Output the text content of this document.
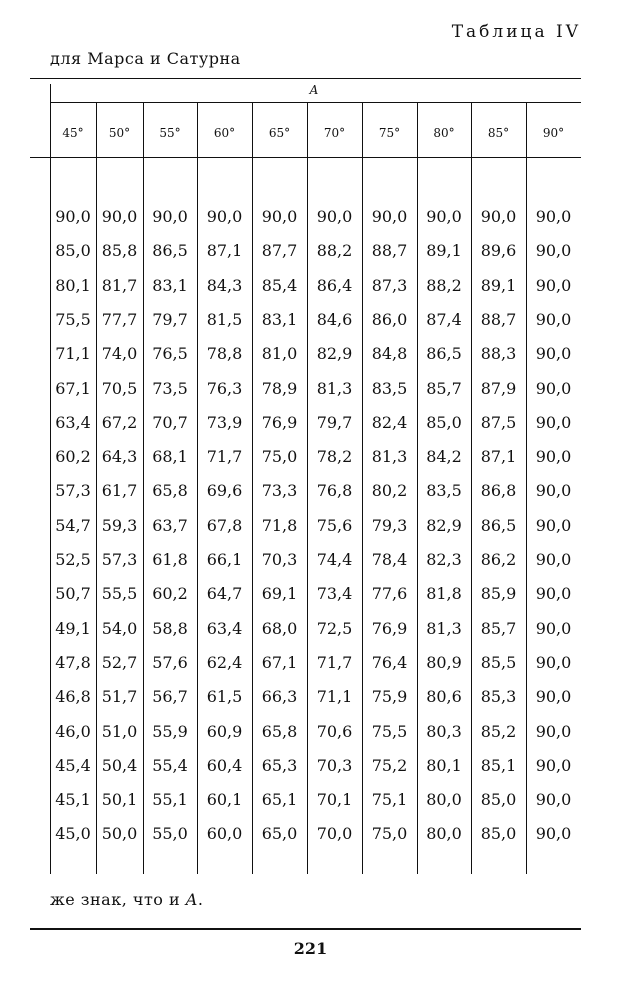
Таблица IV
для Марса и Сатурна
A
45°	50°	55°	60°	65°	70°	75°	80°	85°	90°
90,0 90,0 90,0	90,0	90,0	90,0	90,0	90,0	90,0	90,0
85,0 85,8 86,5	87,1	87,7	88,2	88,7	89,1	89,6	90,0
80,1 81,7 83,1	84,3	85,4	86,4	87,3	88,2	89,1	90,0
75,5 77,7 79,7	81,5	83,1	84,6	86,0	87,4	88,7	90,0
71,1 74,0 76,5	78,8	81,0	82,9	84,8	86,5	88,3	90,0
67,1 70,5 73,5	76,3	78,9	81,3	83,5	85,7	87,9	90,0
63,4 67,2 70,7	73,9	76,9	79,7	82,4	85,0	87,5	90,0
60,2 64,3 68,1	71,7	75,0	78,2	81,3	84,2	87,1	90,0
57,3 61,7 65,8	69,6	73,3	76,8	80,2	83,5	86,8	90,0
54,7 59,3 63,7	67,8	71,8	75,6	79,3	82,9	86,5	90,0
52,5 57,3 61,8	66,1	70,3	74,4	78,4	82,3	86,2	90,0
50,7 55,5 60,2	64,7	69,1	73,4	77,6	81,8	85,9	90,0
49,1 54,0 58,8	63,4	68,0	72,5	76,9	81,3	85,7	90,0
47,8 52,7 57,6	62,4	67,1	71,7	76,4	80,9	85,5	90,0
46,8 51,7 56,7	61,5	66,3	71,1	75,9	80,6	85,3	90,0
46,0 51,0 55,9	60,9	65,8	70,6	75,5	80,3	85,2	90,0
45,4 50,4 55,4	60,4	65,3	70,3	75,2	80,1	85,1	90,0
45,1 50,1 55,1	60,1	65,1	70,1	75,1	80,0	85,0	90,0
45,0 50,0 55,0	60,0	65,0	70,0	75,0	80,0	85,0	90,0
же знак, что и A.
221
